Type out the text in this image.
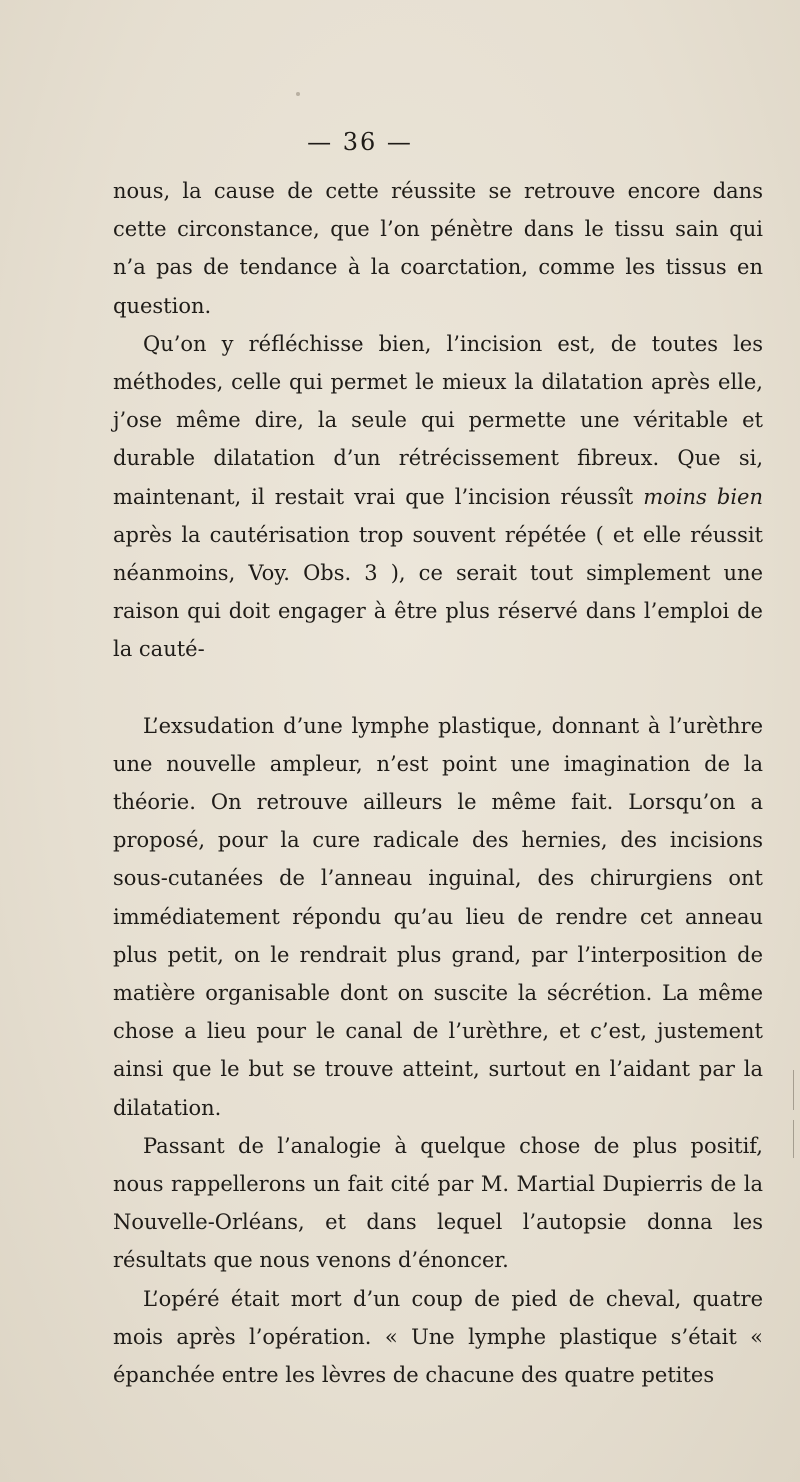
— 36 —

nous, la cause de cette réussite se retrouve encore dans cette circonstance, que l’on pénètre dans le tissu sain qui n’a pas de tendance à la coarctation, comme les tissus en question.

Qu’on y réfléchisse bien, l’incision est, de toutes les méthodes, celle qui permet le mieux la dilatation après elle, j’ose même dire, la seule qui permette une véritable et durable dilatation d’un rétrécissement fibreux. Que si, maintenant, il restait vrai que l’incision réussît moins bien après la cautérisation trop souvent répétée ( et elle réussit néanmoins, Voy. Obs. 3 ), ce serait tout simplement une raison qui doit engager à être plus réservé dans l’emploi de la cauté-

L’exsudation d’une lymphe plastique, donnant à l’urèthre une nouvelle ampleur, n’est point une imagination de la théorie. On retrouve ailleurs le même fait. Lorsqu’on a proposé, pour la cure radicale des hernies, des incisions sous-cutanées de l’anneau inguinal, des chirurgiens ont immédiatement répondu qu’au lieu de rendre cet anneau plus petit, on le rendrait plus grand, par l’interposition de matière organisable dont on suscite la sécrétion. La même chose a lieu pour le canal de l’urèthre, et c’est, justement ainsi que le but se trouve atteint, surtout en l’aidant par la dilatation.

Passant de l’analogie à quelque chose de plus positif, nous rappellerons un fait cité par M. Martial Dupierris de la Nouvelle-Orléans, et dans lequel l’autopsie donna les résultats que nous venons d’énoncer.

L’opéré était mort d’un coup de pied de cheval, quatre mois après l’opération. « Une lymphe plastique s’était « épanchée entre les lèvres de chacune des quatre petites
